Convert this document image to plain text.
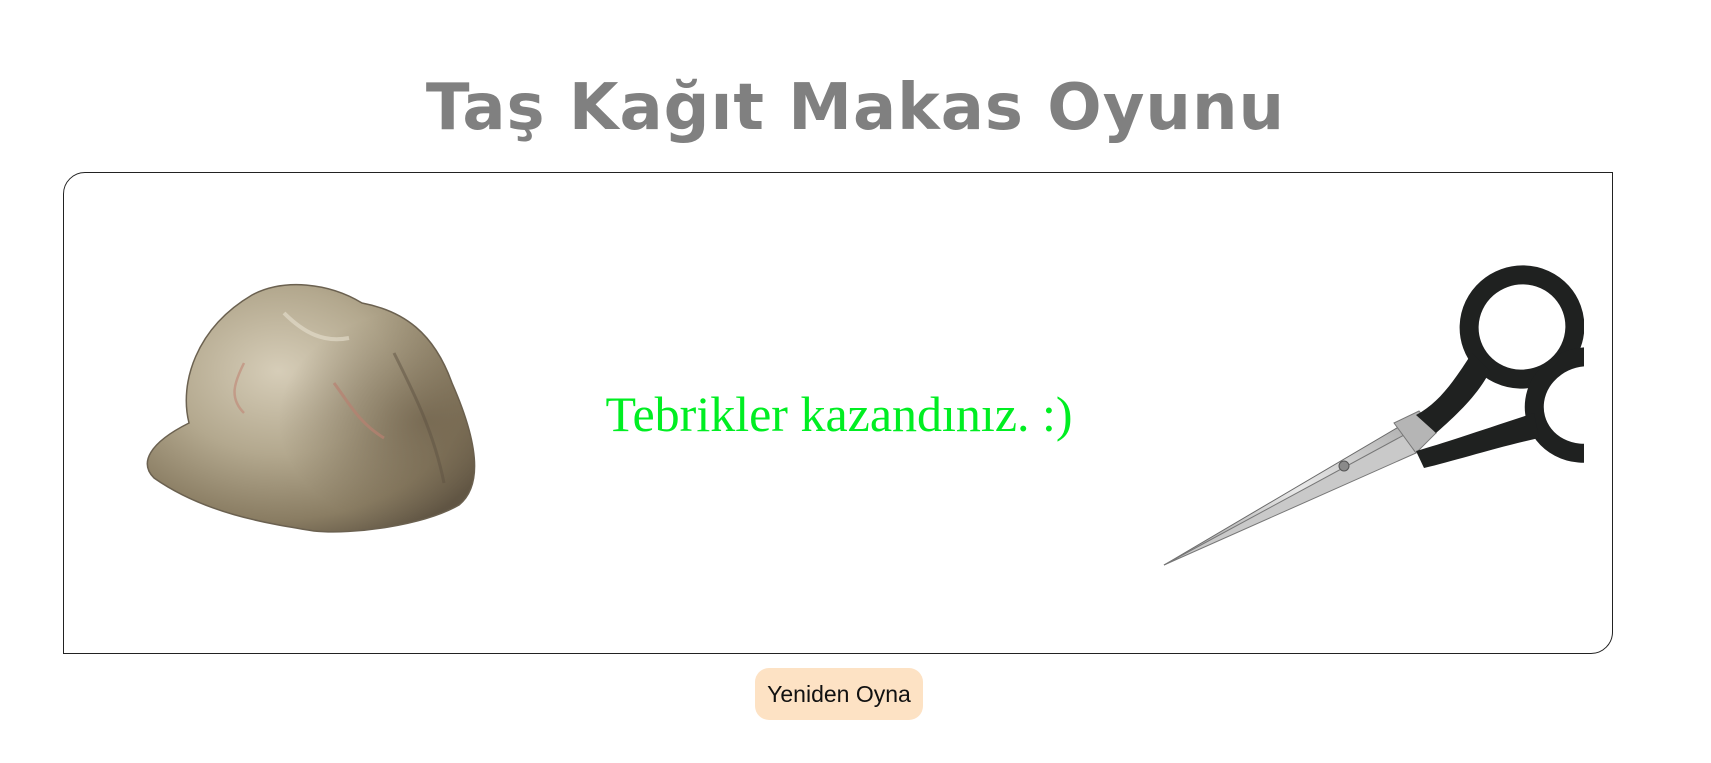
Taş Kağıt Makas Oyunu
Tebrikler kazandınız. :)
Yeniden Oyna
